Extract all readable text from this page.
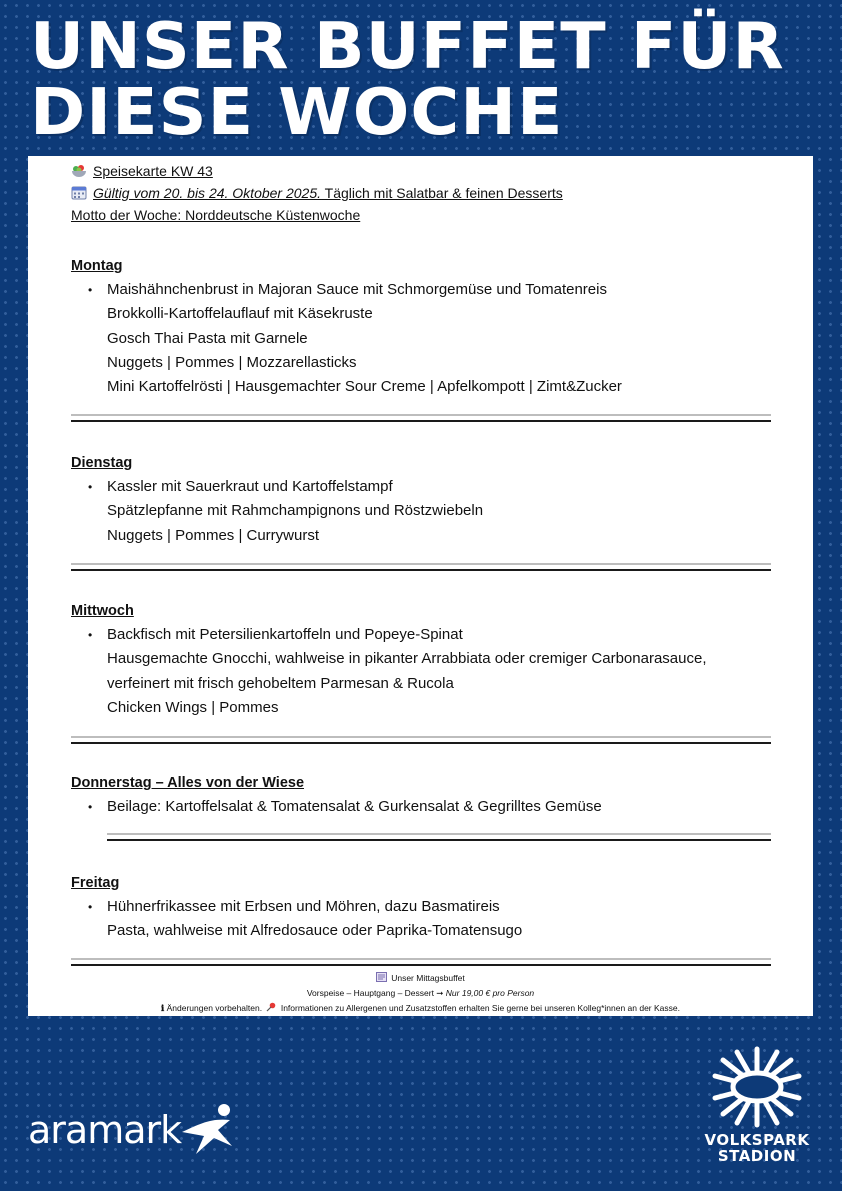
UNSER BUFFET FÜR
DIESE WOCHE
Speisekarte KW 43
Gültig vom 20. bis 24. Oktober 2025. Täglich mit Salatbar & feinen Desserts
Motto der Woche: Norddeutsche Küstenwoche
Montag
• Maishähnchenbrust in Majoran Sauce mit Schmorgemüse und Tomatenreis
Brokkolli-Kartoffelauflauf mit Käsekruste
Gosch Thai Pasta mit Garnele
Nuggets | Pommes | Mozzarellasticks
Mini Kartoffelrösti | Hausgemachter Sour Creme | Apfelkompott | Zimt&Zucker
Dienstag
• Kassler mit Sauerkraut und Kartoffelstampf
Spätzlepfanne mit Rahmchampignons und Röstzwiebeln
Nuggets | Pommes | Currywurst
Mittwoch
• Backfisch mit Petersilienkartoffeln und Popeye-Spinat
Hausgemachte Gnocchi, wahlweise in pikanter Arrabbiata oder cremiger Carbonarasauce,
verfeinert mit frisch gehobeltem Parmesan & Rucola
Chicken Wings | Pommes
Donnerstag – Alles von der Wiese
• Beilage: Kartoffelsalat & Tomatensalat & Gurkensalat & Gegrilltes Gemüse
Freitag
• Hühnerfrikassee mit Erbsen und Möhren, dazu Basmatireis
Pasta, wahlweise mit Alfredosauce oder Paprika-Tomatensugo
Unser Mittagsbuffet
Vorspeise – Hauptgang – Dessert ➞ Nur 19,00 € pro Person
ℹ Änderungen vorbehalten. Informationen zu Allergenen und Zusatzstoffen erhalten Sie gerne bei unseren Kolleg*innen an der Kasse.
aramark	VOLKSPARK
STADION
